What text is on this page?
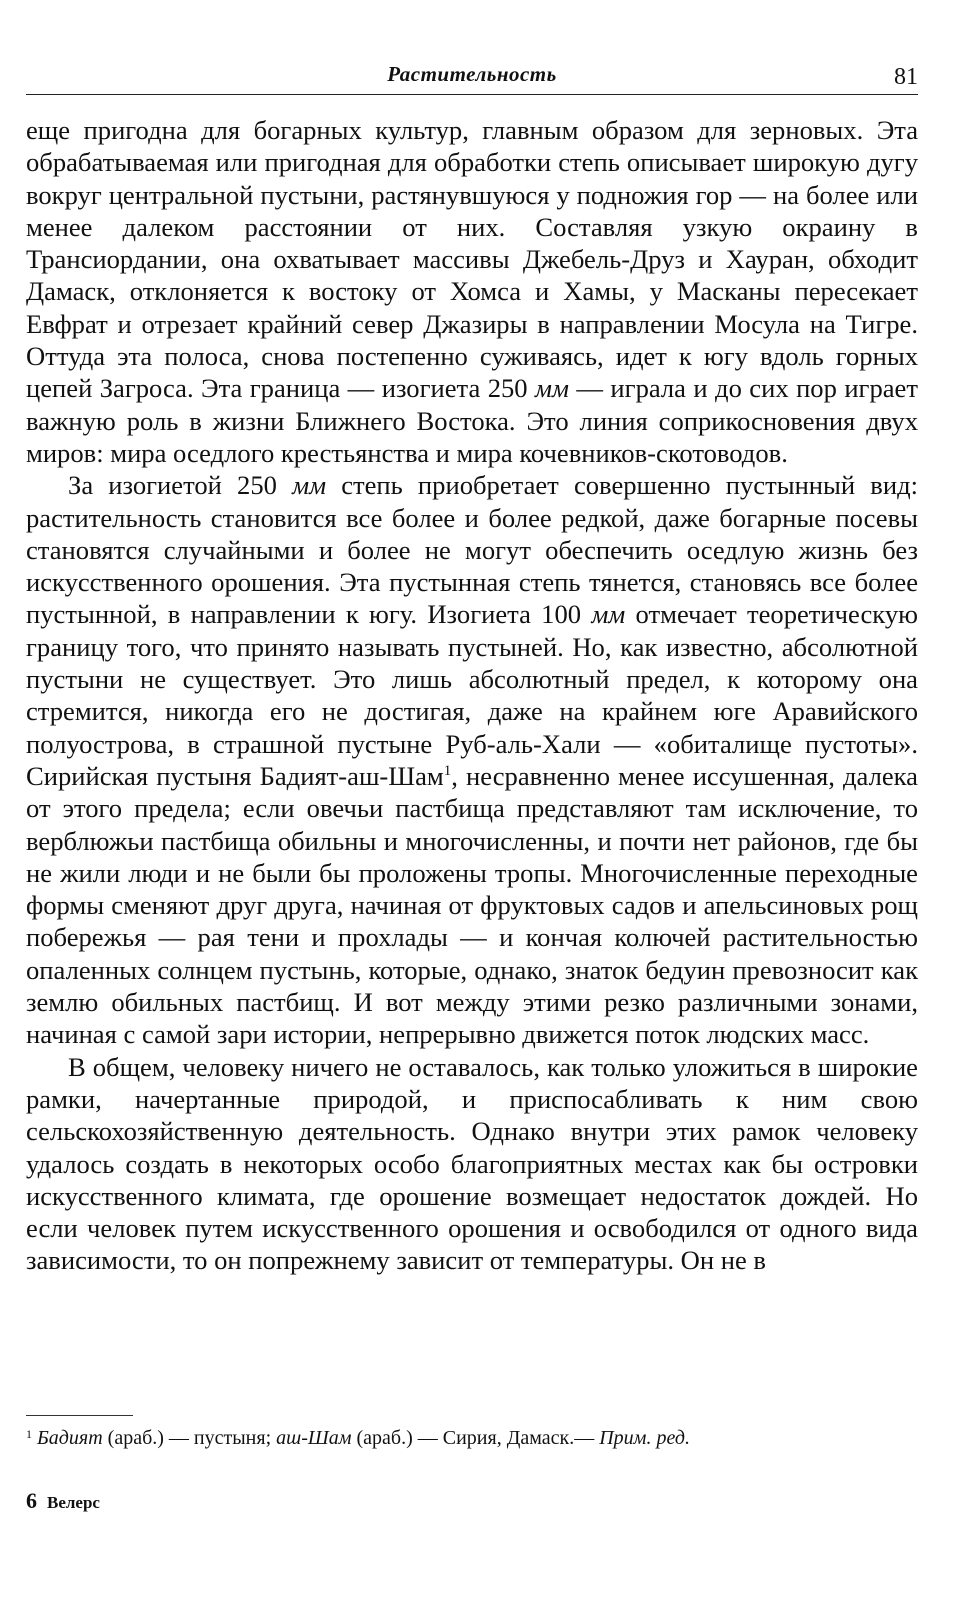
Растительность	81

еще пригодна для богарных культур, главным образом для зерновых. Эта обрабатываемая или пригодная для обработки степь описывает широкую дугу вокруг центральной пустыни, растянувшуюся у подножия гор — на более или менее далеком расстоянии от них. Составляя узкую окраину в Трансиордании, она охватывает массивы Джебель-Друз и Хауран, обходит Дамаск, отклоняется к востоку от Хомса и Хамы, у Масканы пересекает Евфрат и отрезает крайний север Джазиры в направлении Мосула на Тигре. Оттуда эта полоса, снова постепенно суживаясь, идет к югу вдоль горных цепей Загроса. Эта граница — изогиета 250 мм — играла и до сих пор играет важную роль в жизни Ближнего Востока. Это линия соприкосновения двух миров: мира оседлого крестьянства и мира кочевников-скотоводов.

За изогиетой 250 мм степь приобретает совершенно пустынный вид: растительность становится все более и более редкой, даже богарные посевы становятся случайными и более не могут обеспечить оседлую жизнь без искусственного орошения. Эта пустынная степь тянется, становясь все более пустынной, в направлении к югу. Изогиета 100 мм отмечает теоретическую границу того, что принято называть пустыней. Но, как известно, абсолютной пустыни не существует. Это лишь абсолютный предел, к которому она стремится, никогда его не достигая, даже на крайнем юге Аравийского полуострова, в страшной пустыне Руб-аль-Хали — «обиталище пустоты». Сирийская пустыня Бадият-аш-Шам$^1$, несравненно менее иссушенная, далека от этого предела; если овечьи пастбища представляют там исключение, то верблюжьи пастбища обильны и многочисленны, и почти нет районов, где бы не жили люди и не были бы проложены тропы. Многочисленные переходные формы сменяют друг друга, начиная от фруктовых садов и апельсиновых рощ побережья — рая тени и прохлады — и кончая колючей растительностью опаленных солнцем пустынь, которые, однако, знаток бедуин превозносит как землю обильных пастбищ. И вот между этими резко различными зонами, начиная с самой зари истории, непрерывно движется поток людских масс.

В общем, человеку ничего не оставалось, как только уложиться в широкие рамки, начертанные природой, и приспосабливать к ним свою сельскохозяйственную деятельность. Однако внутри этих рамок человеку удалось создать в некоторых особо благоприятных местах как бы островки искусственного климата, где орошение возмещает недостаток дождей. Но если человек путем искусственного орошения и освободился от одного вида зависимости, то он попрежнему зависит от температуры. Он не в

$^1$ Бадият (араб.) — пустыня; аш-Шам (араб.) — Сирия, Дамаск.— Прим. ред.
6 Велерс
